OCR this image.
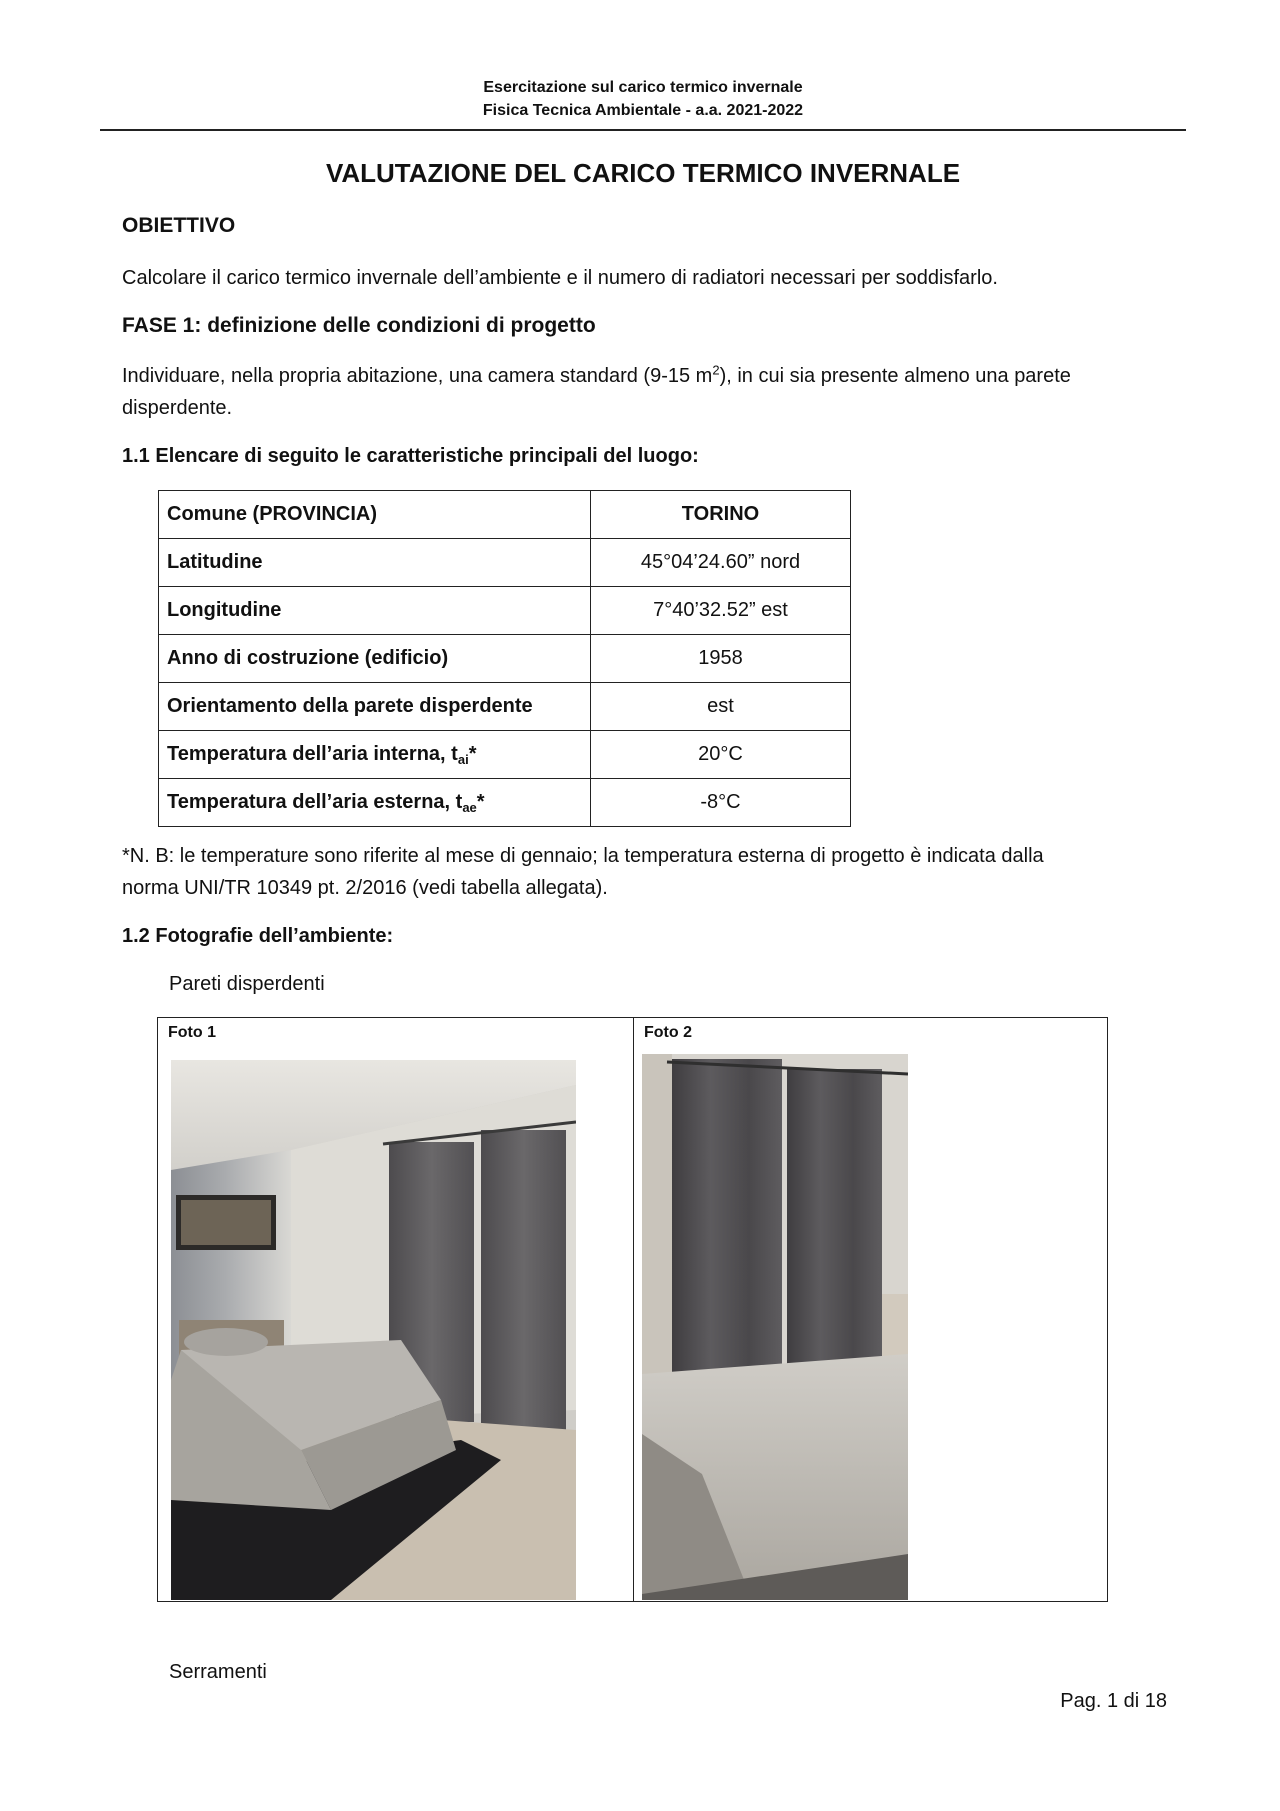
Esercitazione sul carico termico invernale
Fisica Tecnica Ambientale - a.a. 2021-2022
VALUTAZIONE DEL CARICO TERMICO INVERNALE
OBIETTIVO
Calcolare il carico termico invernale dell’ambiente e il numero di radiatori necessari per soddisfarlo.
FASE 1: definizione delle condizioni di progetto
Individuare, nella propria abitazione, una camera standard (9-15 $m^2$), in cui sia presente almeno una parete
disperdente.
1.1 Elencare di seguito le caratteristiche principali del luogo:
Comune (PROVINCIA)	TORINO
Latitudine	45°04’24.60” nord
Longitudine	7°40’32.52” est
Anno di costruzione (edificio)	1958
Orientamento della parete disperdente	est
Temperatura dell’aria interna, $t_{ai}*$	20°C
Temperatura dell’aria esterna, $t_{ae}*$	-8°C
*N. B: le temperature sono riferite al mese di gennaio; la temperatura esterna di progetto è indicata dalla
norma UNI/TR 10349 pt. 2/2016 (vedi tabella allegata).
1.2 Fotografie dell’ambiente:
Pareti disperdenti
Foto 1	Foto 2
Serramenti
Pag. 1 di 18
